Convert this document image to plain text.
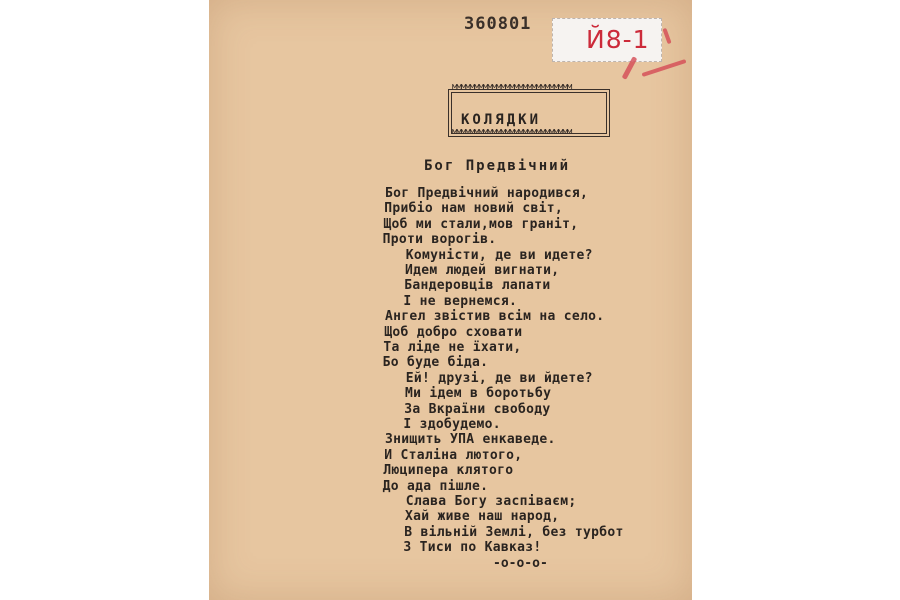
360801
Й8-1
ммммммммммммммммммммммммммм
ммммммммммммммммммммммммммм
КОЛЯДКИ
Бог Предвічний
Бог Предвічний народився,
Прибіо нам новий світ,
Щоб ми стали,мов граніт,
Проти ворогів.
Комуністи, де ви идете?
Идем людей вигнати,
Бандеровців лапати
I не вернемся.
Ангел звістив всім на село.
Щоб добро сховати
Та ліде не їхати,
Бо буде біда.
Ей! друзі, де ви йдете?
Ми ідем в боротьбу
За Вкраїни свободу
I здобудемо.
Знищить УПА енкаведе.
И Сталіна лютого,
Люципера клятого
До ада пішле.
Слава Богу заспіваєм;
Хай живе наш народ,
В вільній Землі, без турбот
З Тиси по Кавказ!
-о-о-о-
